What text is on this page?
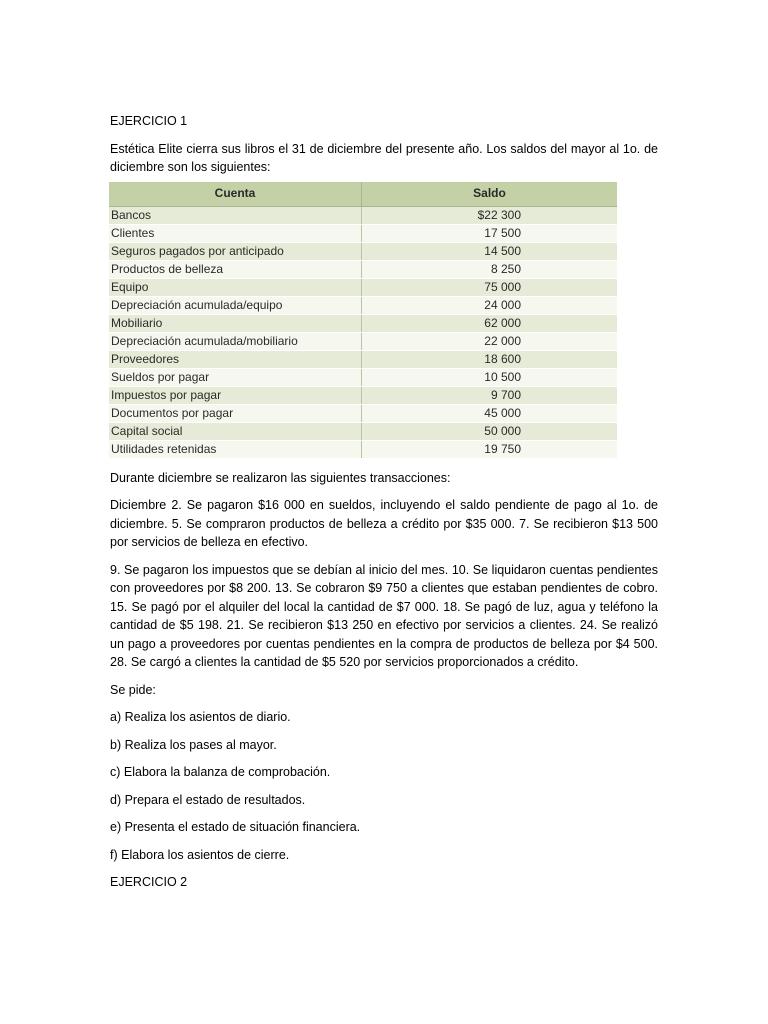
EJERCICIO 1

Estética Elite cierra sus libros el 31 de diciembre del presente año. Los saldos del mayor al 1o. de diciembre son los siguientes:

Cuenta	Saldo
Bancos	$22 300
Clientes	17 500
Seguros pagados por anticipado	14 500
Productos de belleza	8 250
Equipo	75 000
Depreciación acumulada/equipo	24 000
Mobiliario	62 000
Depreciación acumulada/mobiliario	22 000
Proveedores	18 600
Sueldos por pagar	10 500
Impuestos por pagar	9 700
Documentos por pagar	45 000
Capital social	50 000
Utilidades retenidas	19 750

Durante diciembre se realizaron las siguientes transacciones:

Diciembre 2. Se pagaron $16 000 en sueldos, incluyendo el saldo pendiente de pago al 1o. de diciembre. 5. Se compraron productos de belleza a crédito por $35 000. 7. Se recibieron $13 500 por servicios de belleza en efectivo.

9. Se pagaron los impuestos que se debían al inicio del mes. 10. Se liquidaron cuentas pendientes con proveedores por $8 200. 13. Se cobraron $9 750 a clientes que estaban pendientes de cobro. 15. Se pagó por el alquiler del local la cantidad de $7 000. 18. Se pagó de luz, agua y teléfono la cantidad de $5 198. 21. Se recibieron $13 250 en efectivo por servicios a clientes. 24. Se realizó un pago a proveedores por cuentas pendientes en la compra de productos de belleza por $4 500. 28. Se cargó a clientes la cantidad de $5 520 por servicios proporcionados a crédito.

Se pide:

a) Realiza los asientos de diario.

b) Realiza los pases al mayor.

c) Elabora la balanza de comprobación.

d) Prepara el estado de resultados.

e) Presenta el estado de situación financiera.

f) Elabora los asientos de cierre.

EJERCICIO 2
